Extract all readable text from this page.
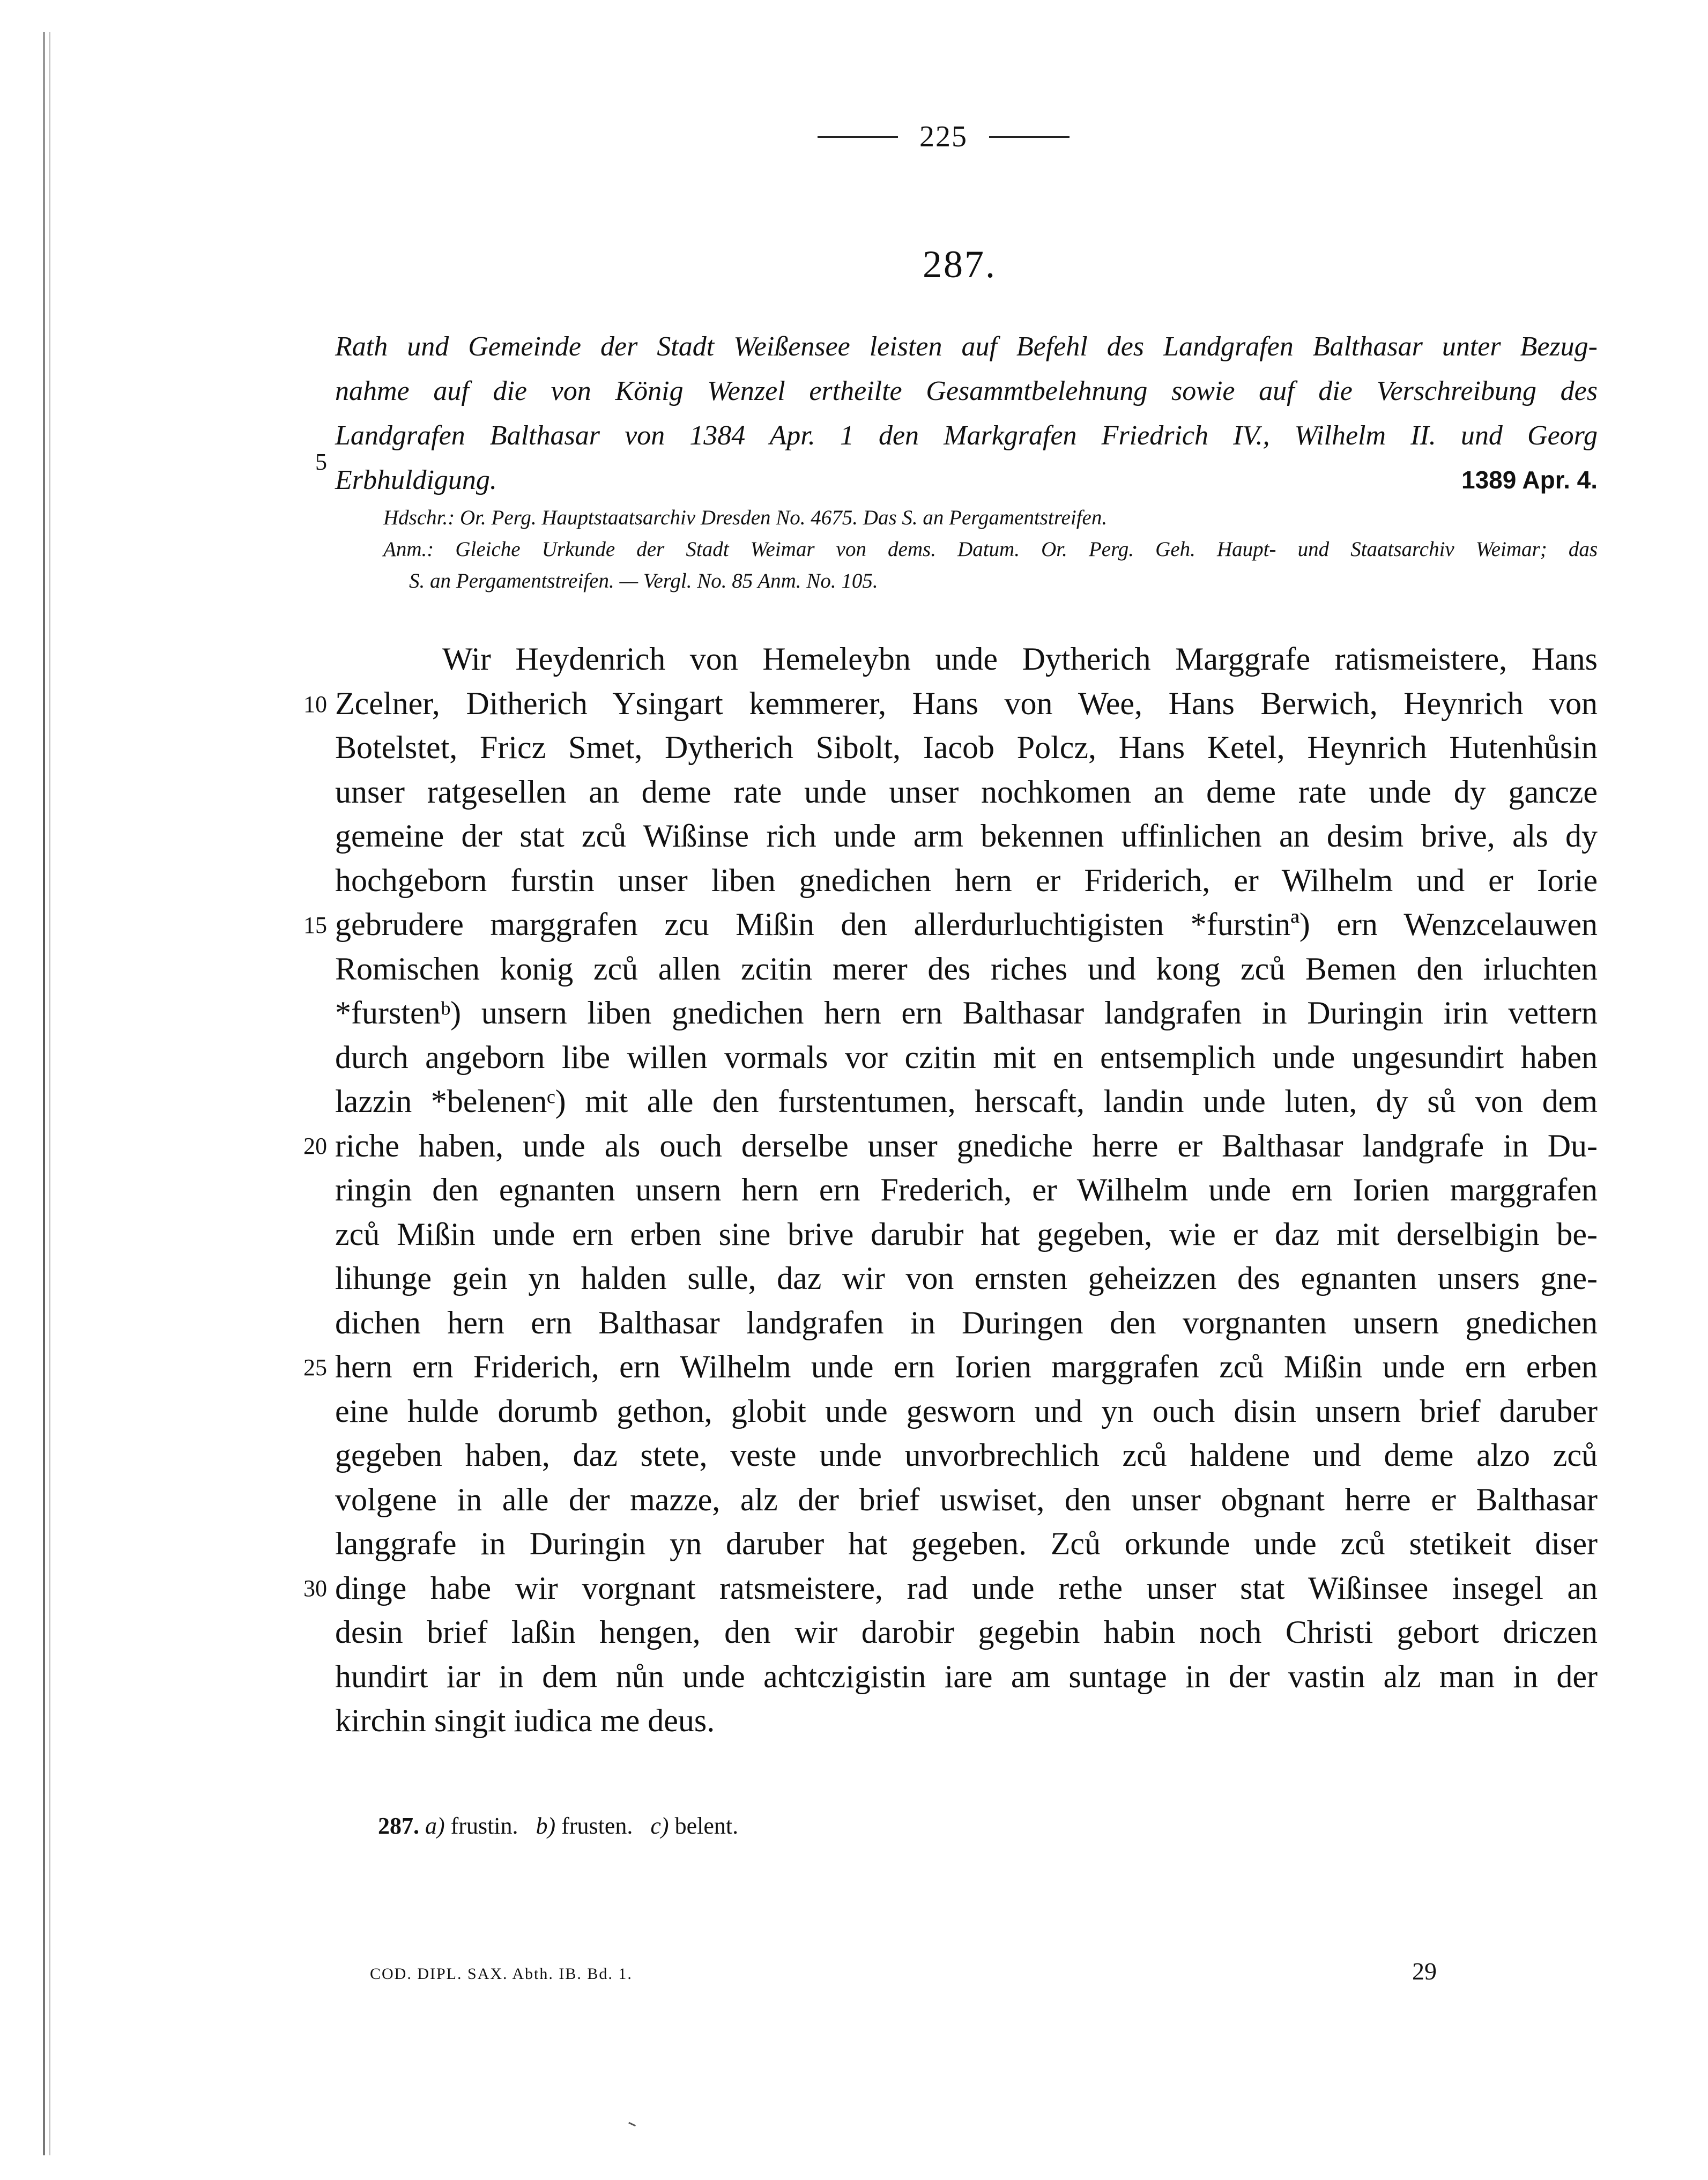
225
287.
Rath und Gemeinde der Stadt Weißensee leisten auf Befehl des Landgrafen Balthasar unter Bezug-
nahme auf die von König Wenzel ertheilte Gesammtbelehnung sowie auf die Verschreibung des
Landgrafen Balthasar von 1384 Apr. 1 den Markgrafen Friedrich IV., Wilhelm II. und Georg
Erbhuldigung.	1389 Apr. 4.
5
Hdschr.: Or. Perg. Hauptstaatsarchiv Dresden No. 4675. Das S. an Pergamentstreifen.
Anm.: Gleiche Urkunde der Stadt Weimar von dems. Datum. Or. Perg. Geh. Haupt- und Staatsarchiv Weimar; das
S. an Pergamentstreifen. — Vergl. No. 85 Anm. No. 105.
Wir Heydenrich von Hemeleybn unde Dytherich Marggrafe ratismeistere, Hans
Zcelner, Ditherich Ysingart kemmerer, Hans von Wee, Hans Berwich, Heynrich von
Botelstet, Fricz Smet, Dytherich Sibolt, Iacob Polcz, Hans Ketel, Heynrich Hutenhůsin
unser ratgesellen an deme rate unde unser nochkomen an deme rate unde dy gancze
gemeine der stat zců Wißinse rich unde arm bekennen uffinlichen an desim brive, als dy
hochgeborn furstin unser liben gnedichen hern er Friderich, er Wilhelm und er Iorie
gebrudere marggrafen zcu Mißin den allerdurluchtigisten *furstinª) ern Wenzcelauwen
Romischen konig zců allen zcitin merer des riches und kong zců Bemen den irluchten
*furstenᵇ) unsern liben gnedichen hern ern Balthasar landgrafen in Duringin irin vettern
durch angeborn libe willen vormals vor czitin mit en entsemplich unde ungesundirt haben
lazzin *belenenᶜ) mit alle den furstentumen, herscaft, landin unde luten, dy sů von dem
riche haben, unde als ouch derselbe unser gnediche herre er Balthasar landgrafe in Du-
ringin den egnanten unsern hern ern Frederich, er Wilhelm unde ern Iorien marggrafen
zců Mißin unde ern erben sine brive darubir hat gegeben, wie er daz mit derselbigin be-
lihunge gein yn halden sulle, daz wir von ernsten geheizzen des egnanten unsers gne-
dichen hern ern Balthasar landgrafen in Duringen den vorgnanten unsern gnedichen
hern ern Friderich, ern Wilhelm unde ern Iorien marggrafen zců Mißin unde ern erben
eine hulde dorumb gethon, globit unde gesworn und yn ouch disin unsern brief daruber
gegeben haben, daz stete, veste unde unvorbrechlich zců haldene und deme alzo zců
volgene in alle der mazze, alz der brief uswiset, den unser obgnant herre er Balthasar
langgrafe in Duringin yn daruber hat gegeben. Zců orkunde unde zců stetikeit diser
dinge habe wir vorgnant ratsmeistere, rad unde rethe unser stat Wißinsee insegel an
desin brief laßin hengen, den wir darobir gegebin habin noch Christi gebort driczen
hundirt iar in dem nůn unde achtczigistin iare am suntage in der vastin alz man in der
kirchin singit iudica me deus.
10
15
20
25
30
287. a) frustin. b) frusten. c) belent.
COD. DIPL. SAX. Abth. IB. Bd. 1.	29
